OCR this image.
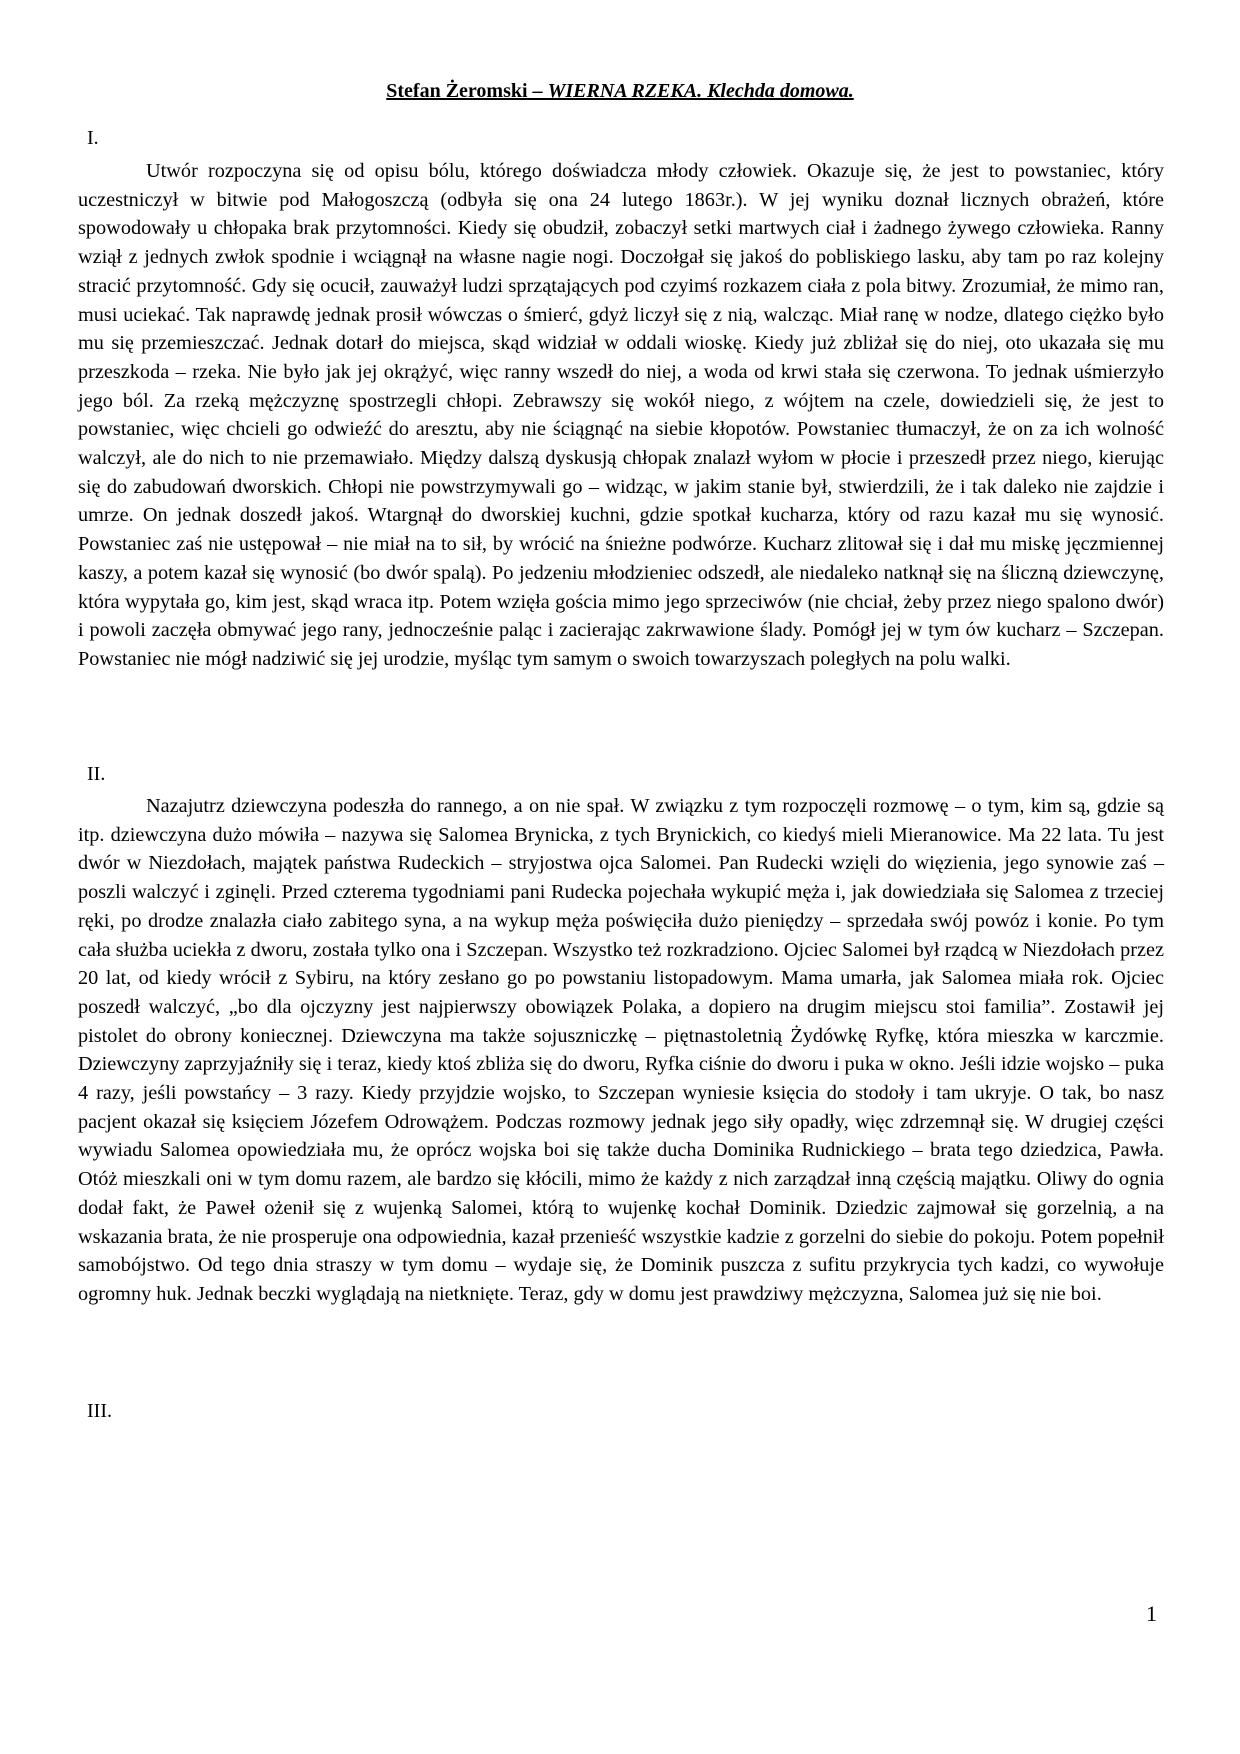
Stefan Żeromski – WIERNA RZEKA. Klechda domowa.

I.

Utwór rozpoczyna się od opisu bólu, którego doświadcza młody człowiek. Okazuje się, że jest to powstaniec, który uczestniczył w bitwie pod Małogoszczą (odbyła się ona 24 lutego 1863r.). W jej wyniku doznał licznych obrażeń, które spowodowały u chłopaka brak przytomności. Kiedy się obudził, zobaczył setki martwych ciał i żadnego żywego człowieka. Ranny wziął z jednych zwłok spodnie i wciągnął na własne nagie nogi. Doczołgał się jakoś do pobliskiego lasku, aby tam po raz kolejny stracić przytomność. Gdy się ocucił, zauważył ludzi sprzątających pod czyimś rozkazem ciała z pola bitwy. Zrozumiał, że mimo ran, musi uciekać. Tak naprawdę jednak prosił wówczas o śmierć, gdyż liczył się z nią, walcząc. Miał ranę w nodze, dlatego ciężko było mu się przemieszczać. Jednak dotarł do miejsca, skąd widział w oddali wioskę. Kiedy już zbliżał się do niej, oto ukazała się mu przeszkoda – rzeka. Nie było jak jej okrążyć, więc ranny wszedł do niej, a woda od krwi stała się czerwona. To jednak uśmierzyło jego ból. Za rzeką mężczyznę spostrzegli chłopi. Zebrawszy się wokół niego, z wójtem na czele, dowiedzieli się, że jest to powstaniec, więc chcieli go odwieźć do aresztu, aby nie ściągnąć na siebie kłopotów. Powstaniec tłumaczył, że on za ich wolność walczył, ale do nich to nie przemawiało. Między dalszą dyskusją chłopak znalazł wyłom w płocie i przeszedł przez niego, kierując się do zabudowań dworskich. Chłopi nie powstrzymywali go – widząc, w jakim stanie był, stwierdzili, że i tak daleko nie zajdzie i umrze. On jednak doszedł jakoś. Wtargnął do dworskiej kuchni, gdzie spotkał kucharza, który od razu kazał mu się wynosić. Powstaniec zaś nie ustępował – nie miał na to sił, by wrócić na śnieżne podwórze. Kucharz zlitował się i dał mu miskę jęczmiennej kaszy, a potem kazał się wynosić (bo dwór spalą). Po jedzeniu młodzieniec odszedł, ale niedaleko natknął się na śliczną dziewczynę, która wypytała go, kim jest, skąd wraca itp. Potem wzięła gościa mimo jego sprzeciwów (nie chciał, żeby przez niego spalono dwór) i powoli zaczęła obmywać jego rany, jednocześnie paląc i zacierając zakrwawione ślady. Pomógł jej w tym ów kucharz – Szczepan. Powstaniec nie mógł nadziwić się jej urodzie, myśląc tym samym o swoich towarzyszach poległych na polu walki.

II.

Nazajutrz dziewczyna podeszła do rannego, a on nie spał. W związku z tym rozpoczęli rozmowę – o tym, kim są, gdzie są itp. dziewczyna dużo mówiła – nazywa się Salomea Brynicka, z tych Brynickich, co kiedyś mieli Mieranowice. Ma 22 lata. Tu jest dwór w Niezdołach, majątek państwa Rudeckich – stryjostwa ojca Salomei. Pan Rudecki wzięli do więzienia, jego synowie zaś – poszli walczyć i zginęli. Przed czterema tygodniami pani Rudecka pojechała wykupić męża i, jak dowiedziała się Salomea z trzeciej ręki, po drodze znalazła ciało zabitego syna, a na wykup męża poświęciła dużo pieniędzy – sprzedała swój powóz i konie. Po tym cała służba uciekła z dworu, została tylko ona i Szczepan. Wszystko też rozkradziono. Ojciec Salomei był rządcą w Niezdołach przez 20 lat, od kiedy wrócił z Sybiru, na który zesłano go po powstaniu listopadowym. Mama umarła, jak Salomea miała rok. Ojciec poszedł walczyć, „bo dla ojczyzny jest najpierwszy obowiązek Polaka, a dopiero na drugim miejscu stoi familia”. Zostawił jej pistolet do obrony koniecznej. Dziewczyna ma także sojuszniczkę – piętnastoletnią Żydówkę Ryfkę, która mieszka w karczmie. Dziewczyny zaprzyjaźniły się i teraz, kiedy ktoś zbliża się do dworu, Ryfka ciśnie do dworu i puka w okno. Jeśli idzie wojsko – puka 4 razy, jeśli powstańcy – 3 razy. Kiedy przyjdzie wojsko, to Szczepan wyniesie księcia do stodoły i tam ukryje. O tak, bo nasz pacjent okazał się księciem Józefem Odrowążem. Podczas rozmowy jednak jego siły opadły, więc zdrzemnął się. W drugiej części wywiadu Salomea opowiedziała mu, że oprócz wojska boi się także ducha Dominika Rudnickiego – brata tego dziedzica, Pawła. Otóż mieszkali oni w tym domu razem, ale bardzo się kłócili, mimo że każdy z nich zarządzał inną częścią majątku. Oliwy do ognia dodał fakt, że Paweł ożenił się z wujenką Salomei, którą to wujenkę kochał Dominik. Dziedzic zajmował się gorzelnią, a na wskazania brata, że nie prosperuje ona odpowiednia, kazał przenieść wszystkie kadzie z gorzelni do siebie do pokoju. Potem popełnił samobójstwo. Od tego dnia straszy w tym domu – wydaje się, że Dominik puszcza z sufitu przykrycia tych kadzi, co wywołuje ogromny huk. Jednak beczki wyglądają na nietknięte. Teraz, gdy w domu jest prawdziwy mężczyzna, Salomea już się nie boi.

III.

1
